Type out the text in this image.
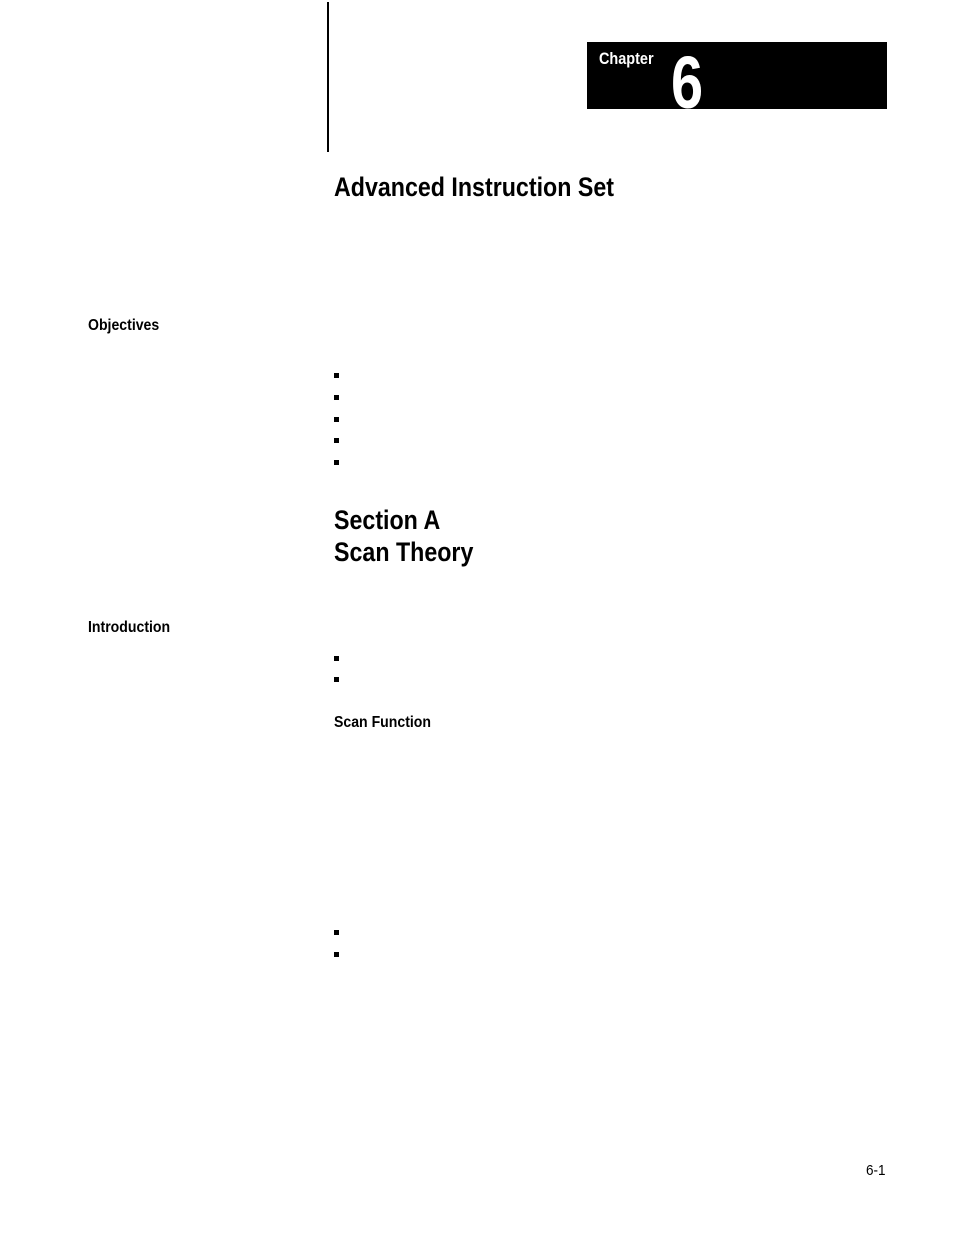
Chapter 6
Advanced Instruction Set
Objectives
Section A
Scan Theory
Introduction
Scan Function
6-1
